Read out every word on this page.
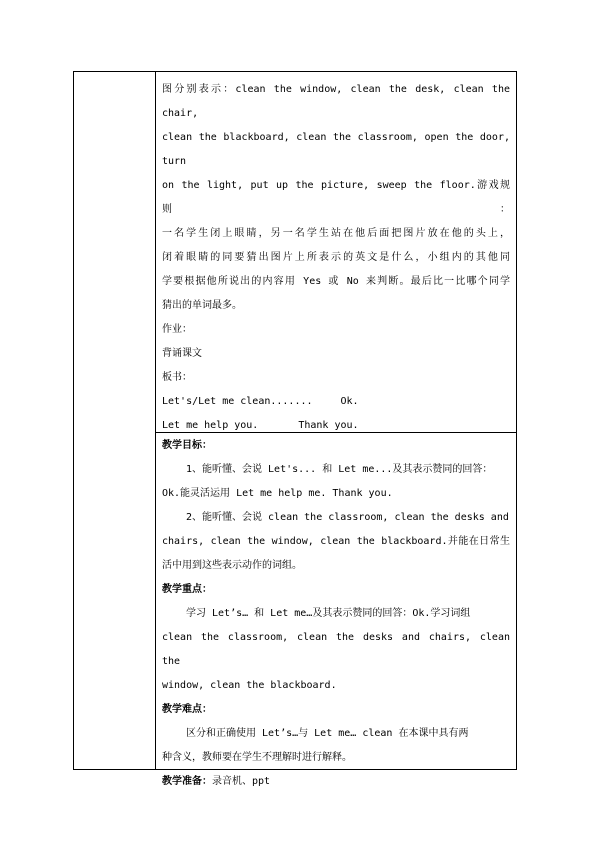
图分别表示：clean the window, clean the desk, clean the chair,
clean the blackboard, clean the classroom, open the door, turn
on the light, put up the picture, sweep the floor.游戏规则：
一名学生闭上眼睛，另一名学生站在他后面把图片放在他的头上，
闭着眼睛的同要猜出图片上所表示的英文是什么，小组内的其他同
学要根据他所说出的内容用 Yes 或 No 来判断。最后比一比哪个同学
猜出的单词最多。
作业：
背诵课文
板书：
Let's/Let me clean.......	Ok.
Let me help you.	Thank you.
教学目标：
1、能听懂、会说 Let's... 和 Let me...及其表示赞同的回答：
Ok.能灵活运用 Let me help me. Thank you.
2、能听懂、会说 clean the classroom, clean the desks and
chairs, clean the window, clean the blackboard.并能在日常生
活中用到这些表示动作的词组。
教学重点：
学习 Let’s… 和 Let me…及其表示赞同的回答：Ok.学习词组
clean the classroom, clean the desks and chairs, clean the
window, clean the blackboard.
教学难点：
区分和正确使用 Let’s…与 Let me… clean 在本课中具有两
种含义，教师要在学生不理解时进行解释。
教学准备：录音机、ppt
